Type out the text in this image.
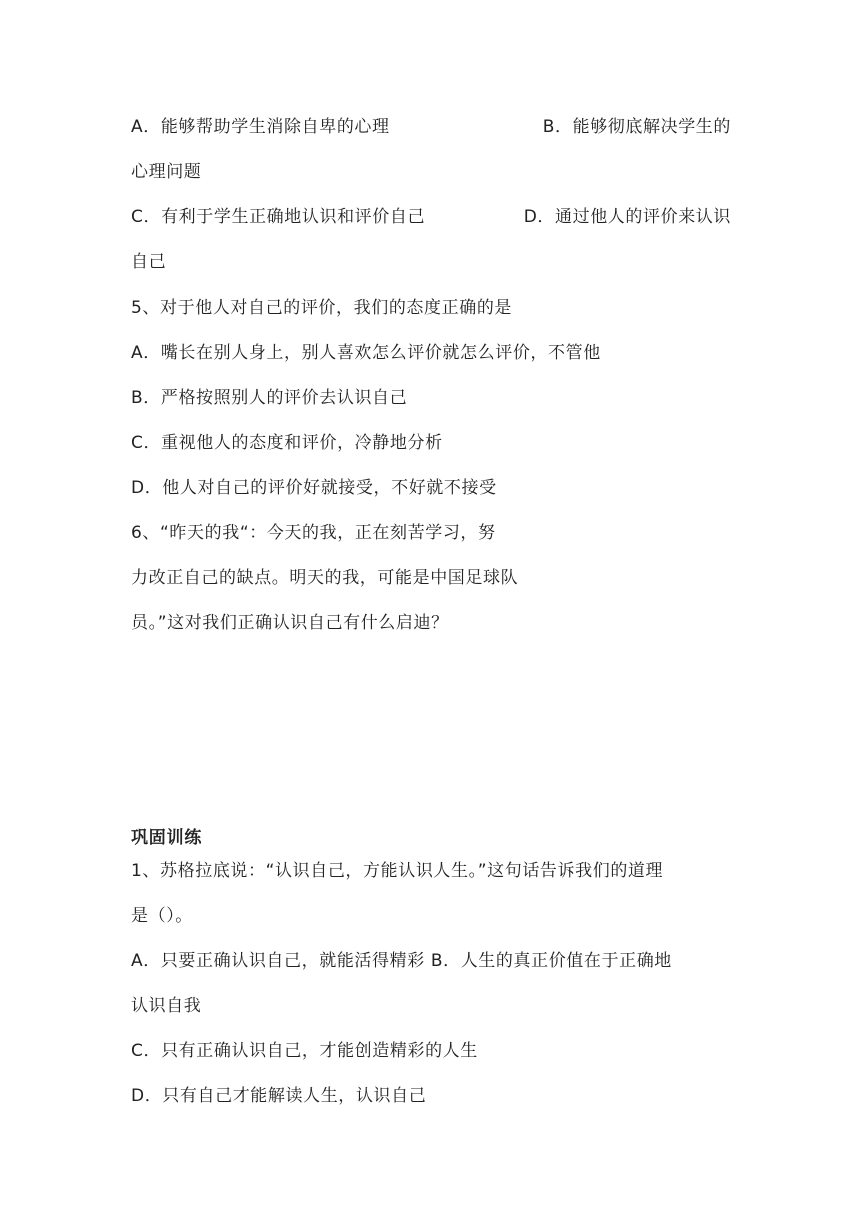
A．能够帮助学生消除自卑的心理	B．能够彻底解决学生的
心理问题
C．有利于学生正确地认识和评价自己	D．通过他人的评价来认识
自己
5、对于他人对自己的评价，我们的态度正确的是
A．嘴长在别人身上，别人喜欢怎么评价就怎么评价，不管他
B．严格按照别人的评价去认识自己
C．重视他人的态度和评价，冷静地分析
D．他人对自己的评价好就接受，不好就不接受
6、“昨天的我“：今天的我，正在刻苦学习，努
力改正自己的缺点。明天的我，可能是中国足球队
员。”这对我们正确认识自己有什么启迪？
巩固训练
1、苏格拉底说：“认识自己，方能认识人生。”这句话告诉我们的道理
是（）。
A．只要正确认识自己，就能活得精彩 B．人生的真正价值在于正确地
认识自我
C．只有正确认识自己，才能创造精彩的人生
D．只有自己才能解读人生，认识自己
